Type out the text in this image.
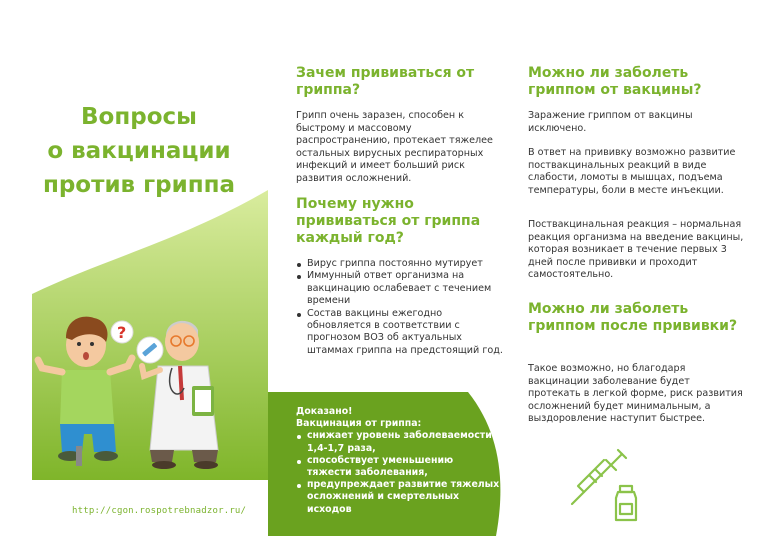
Вопросы
о вакцинации
против гриппа
?
http://cgon.rospotrebnadzor.ru/
Зачем прививаться от гриппа?

Грипп очень заразен, способен к быстрому и массовому распространению, протекает тяжелее остальных вирусных респираторных инфекций и имеет больший риск развития осложнений.

Почему нужно прививаться от гриппа каждый год?
Вирус гриппа постоянно мутирует
Иммунный ответ организма на вакцинацию ослабевает с течением времени
Состав вакцины ежегодно обновляется в соответствии с прогнозом ВОЗ об актуальных штаммах гриппа на предстоящий год.
Доказано!
Вакцинация от гриппа:
снижает уровень заболеваемости в 1,4-1,7 раза,
способствует уменьшению тяжести заболевания,
предупреждает развитие тяжелых осложнений и смертельных исходов
Можно ли заболеть гриппом от вакцины?

Заражение гриппом от вакцины исключено.

В ответ на прививку возможно развитие поствакцинальных реакций в виде слабости, ломоты в мышцах, подъема температуры, боли в месте инъекции.

Поствакцинальная реакция – нормальная реакция организма на введение вакцины, которая возникает в течение первых 3 дней после прививки и проходит самостоятельно.

Можно ли заболеть гриппом после прививки?

Такое возможно, но благодаря вакцинации заболевание будет протекать в легкой форме, риск развития осложнений будет минимальным, а выздоровление наступит быстрее.
